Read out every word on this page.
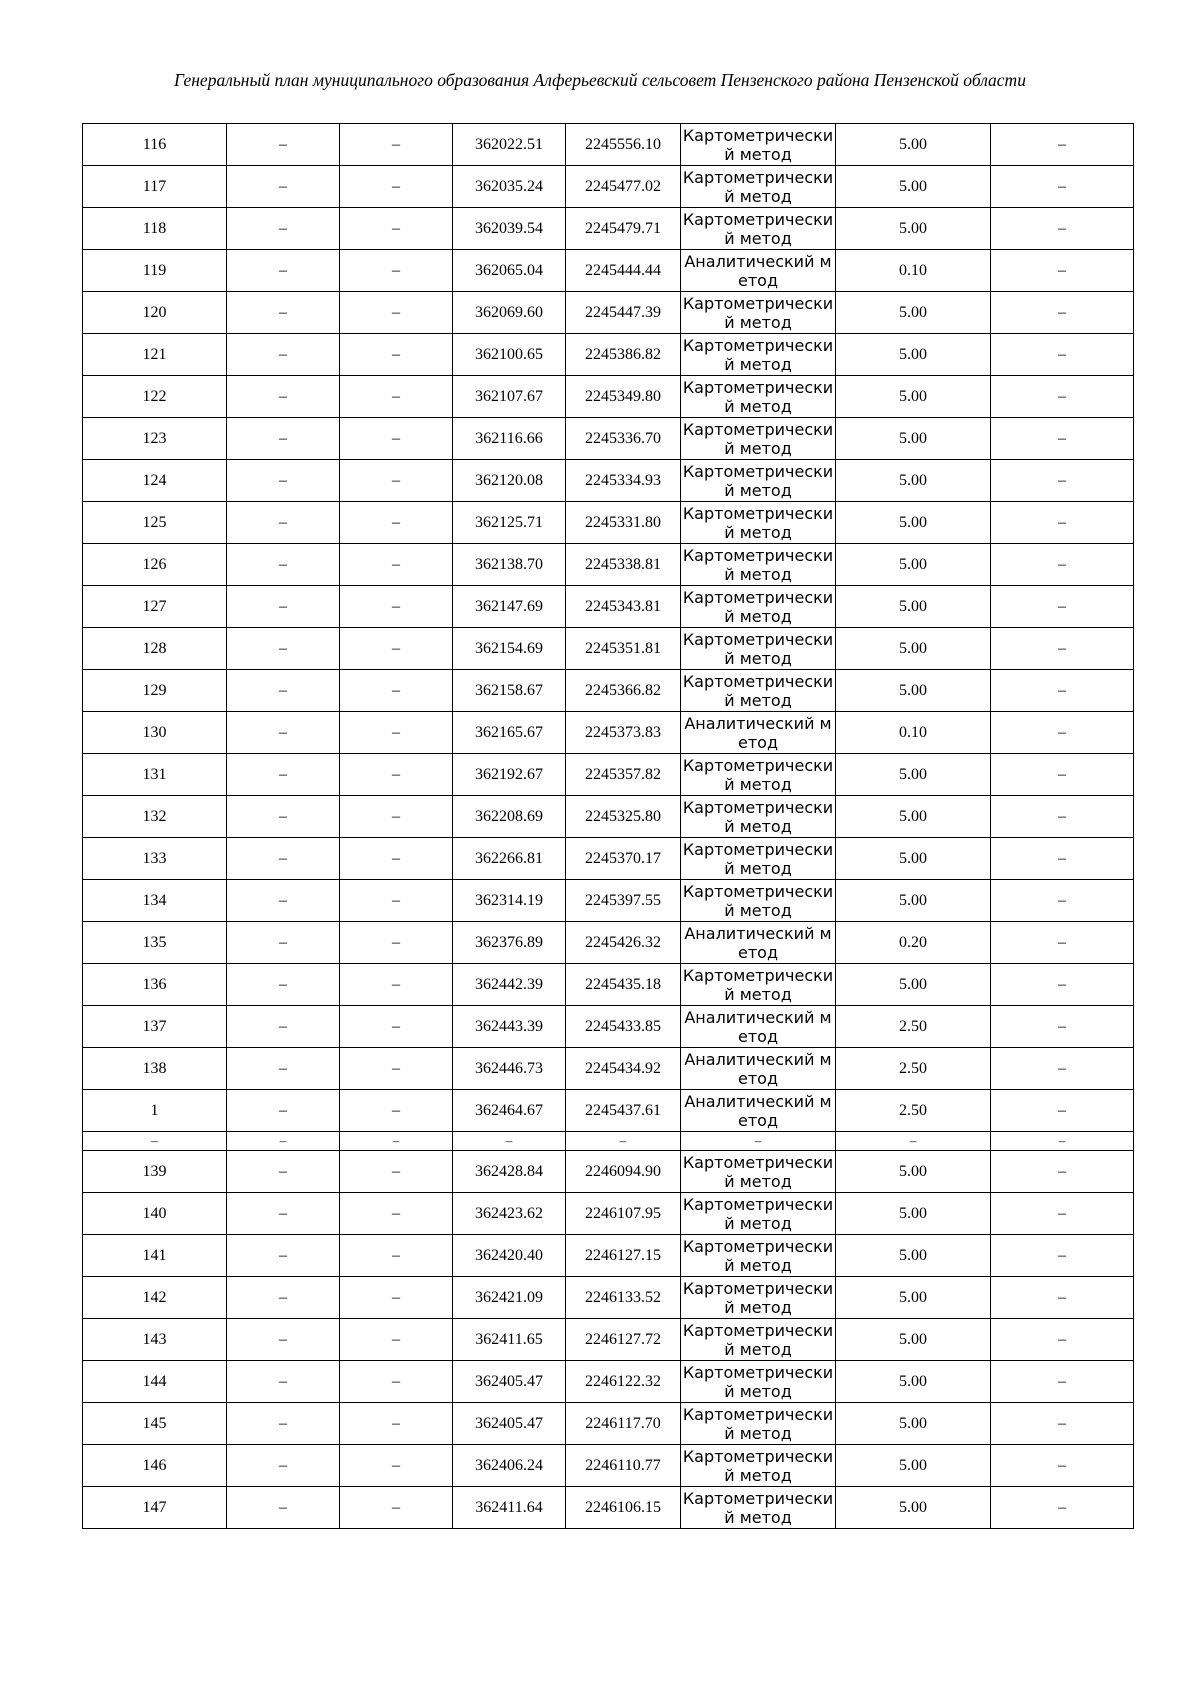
Генеральный план муниципального образования Алферьевский сельсовет Пензенского района Пензенской области
116	–	–	362022.51	2245556.10	Картометрический метод	5.00	–
117	–	–	362035.24	2245477.02	Картометрический метод	5.00	–
118	–	–	362039.54	2245479.71	Картометрический метод	5.00	–
119	–	–	362065.04	2245444.44	Аналитический метод	0.10	–
120	–	–	362069.60	2245447.39	Картометрический метод	5.00	–
121	–	–	362100.65	2245386.82	Картометрический метод	5.00	–
122	–	–	362107.67	2245349.80	Картометрический метод	5.00	–
123	–	–	362116.66	2245336.70	Картометрический метод	5.00	–
124	–	–	362120.08	2245334.93	Картометрический метод	5.00	–
125	–	–	362125.71	2245331.80	Картометрический метод	5.00	–
126	–	–	362138.70	2245338.81	Картометрический метод	5.00	–
127	–	–	362147.69	2245343.81	Картометрический метод	5.00	–
128	–	–	362154.69	2245351.81	Картометрический метод	5.00	–
129	–	–	362158.67	2245366.82	Картометрический метод	5.00	–
130	–	–	362165.67	2245373.83	Аналитический метод	0.10	–
131	–	–	362192.67	2245357.82	Картометрический метод	5.00	–
132	–	–	362208.69	2245325.80	Картометрический метод	5.00	–
133	–	–	362266.81	2245370.17	Картометрический метод	5.00	–
134	–	–	362314.19	2245397.55	Картометрический метод	5.00	–
135	–	–	362376.89	2245426.32	Аналитический метод	0.20	–
136	–	–	362442.39	2245435.18	Картометрический метод	5.00	–
137	–	–	362443.39	2245433.85	Аналитический метод	2.50	–
138	–	–	362446.73	2245434.92	Аналитический метод	2.50	–
1	–	–	362464.67	2245437.61	Аналитический метод	2.50	–
–	–	–	–	–	–	–	–
139	–	–	362428.84	2246094.90	Картометрический метод	5.00	–
140	–	–	362423.62	2246107.95	Картометрический метод	5.00	–
141	–	–	362420.40	2246127.15	Картометрический метод	5.00	–
142	–	–	362421.09	2246133.52	Картометрический метод	5.00	–
143	–	–	362411.65	2246127.72	Картометрический метод	5.00	–
144	–	–	362405.47	2246122.32	Картометрический метод	5.00	–
145	–	–	362405.47	2246117.70	Картометрический метод	5.00	–
146	–	–	362406.24	2246110.77	Картометрический метод	5.00	–
147	–	–	362411.64	2246106.15	Картометрический метод	5.00	–
